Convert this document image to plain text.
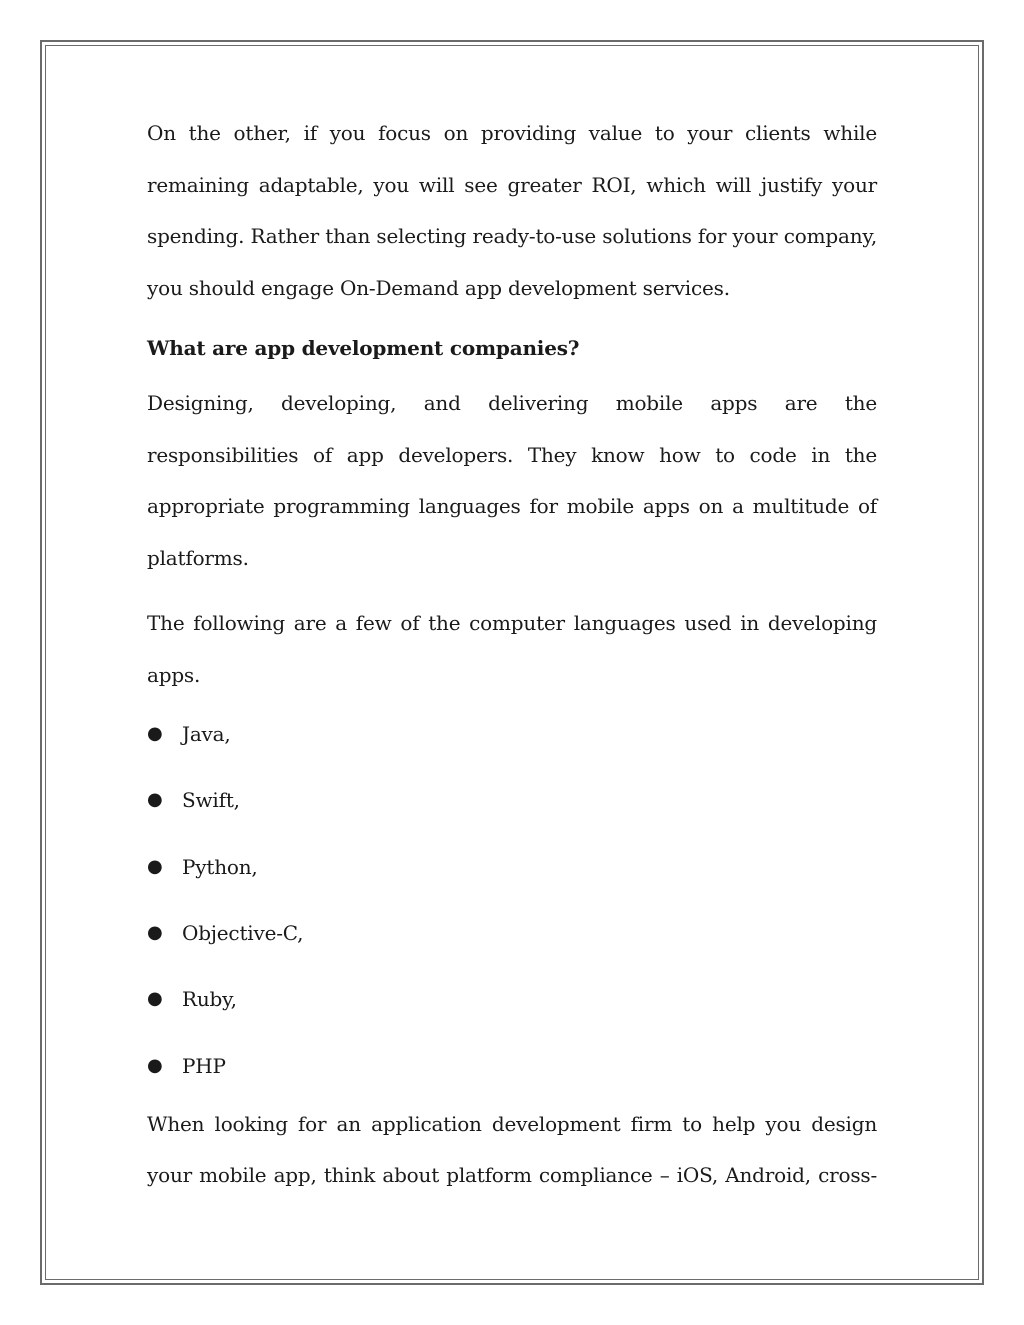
On the other, if you focus on providing value to your clients while remaining adaptable, you will see greater ROI, which will justify your spending. Rather than selecting ready-to-use solutions for your company, you should engage On-Demand app development services.

What are app development companies?

Designing, developing, and delivering mobile apps are the responsibilities of app developers. They know how to code in the appropriate programming languages for mobile apps on a multitude of platforms.

The following are a few of the computer languages used in developing apps.

● Java,
● Swift,
● Python,
● Objective-C,
● Ruby,
● PHP

When looking for an application development firm to help you design your mobile app, think about platform compliance – iOS, Android, cross-
